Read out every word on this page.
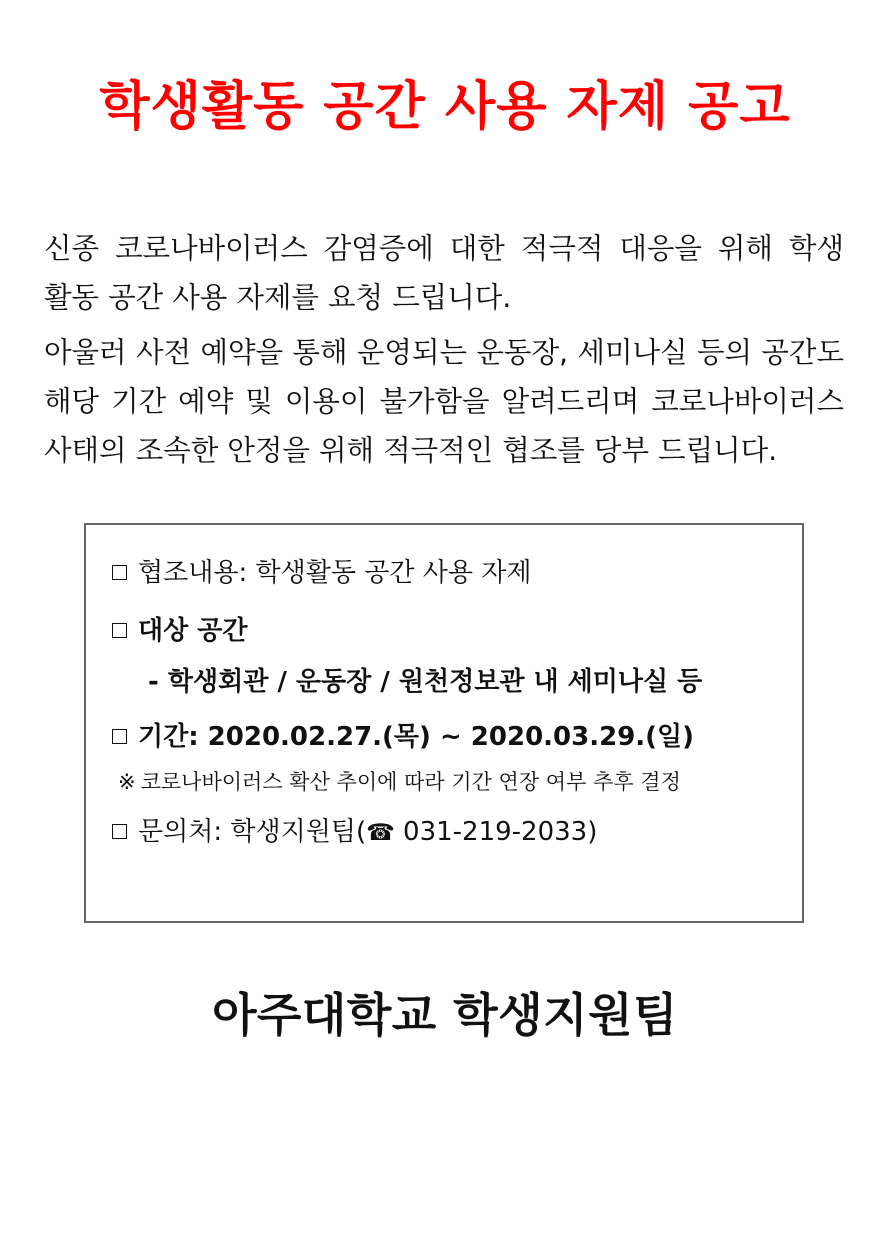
학생활동 공간 사용 자제 공고
신종 코로나바이러스 감염증에 대한 적극적 대응을 위해 학생
활동 공간 사용 자제를 요청 드립니다.
아울러 사전 예약을 통해 운영되는 운동장, 세미나실 등의 공간도
해당 기간 예약 및 이용이 불가함을 알려드리며 코로나바이러스
사태의 조속한 안정을 위해 적극적인 협조를 당부 드립니다.
협조내용: 학생활동 공간 사용 자제
대상 공간
- 학생회관 / 운동장 / 원천정보관 내 세미나실 등
기간: 2020.02.27.(목) ~ 2020.03.29.(일)
※ 코로나바이러스 확산 추이에 따라 기간 연장 여부 추후 결정
문의처: 학생지원팀(☎ 031-219-2033)
아주대학교 학생지원팀
